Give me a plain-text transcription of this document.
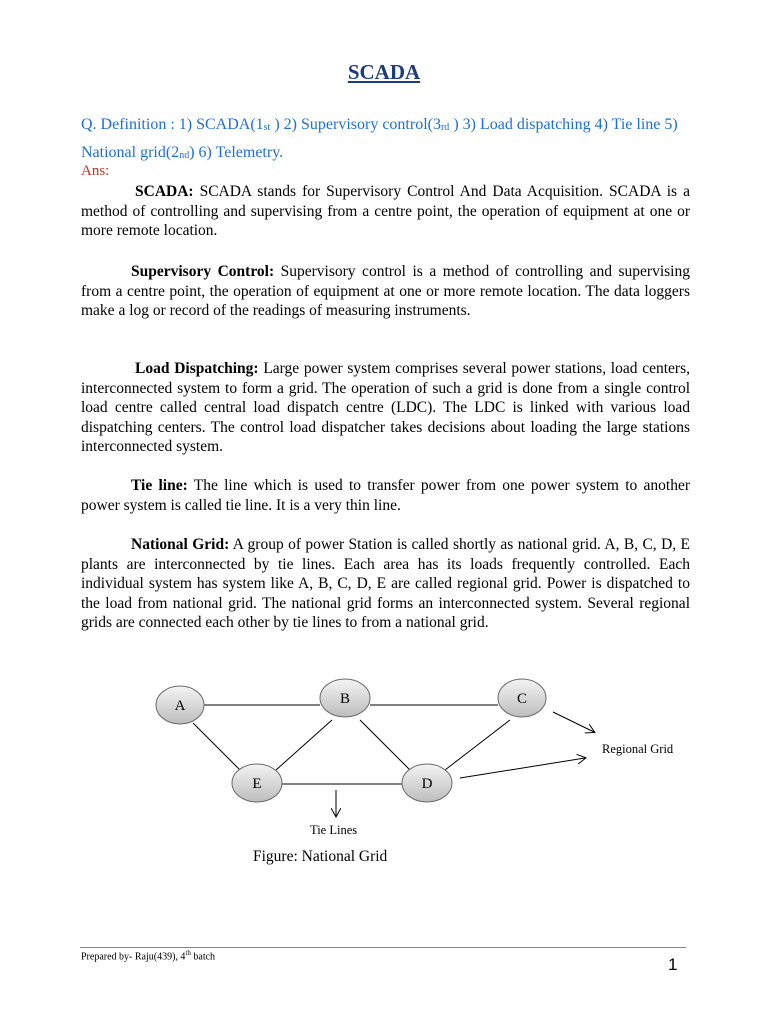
SCADA
Q. Definition : 1) $SCADA(1_{st}$ ) 2) Supervisory $control(3_{rd}$ ) 3) Load dispatching 4) Tie line 5) National $grid(2_{nd})$ 6) Telemetry.
Ans:

SCADA: SCADA stands for Supervisory Control And Data Acquisition. SCADA is a method of controlling and supervising from a centre point, the operation of equipment at one or more remote location.

Supervisory Control: Supervisory control is a method of controlling and supervising from a centre point, the operation of equipment at one or more remote location. The data loggers make a log or record of the readings of measuring instruments.

Load Dispatching: Large power system comprises several power stations, load centers, interconnected system to form a grid. The operation of such a grid is done from a single control load centre called central load dispatch centre (LDC). The LDC is linked with various load dispatching centers. The control load dispatcher takes decisions about loading the large stations interconnected system.

Tie line: The line which is used to transfer power from one power system to another power system is called tie line. It is a very thin line.

National Grid: A group of power Station is called shortly as national grid. A, B, C, D, E plants are interconnected by tie lines. Each area has its loads frequently controlled. Each individual system has system like A, B, C, D, E are called regional grid. Power is dispatched to the load from national grid. The national grid forms an interconnected system. Several regional grids are connected each other by tie lines to from a national grid.

A	B	C
D
E
Regional Grid
Tie Lines
Figure: National Grid
Prepared by- Raju(439), 4th batch	1
